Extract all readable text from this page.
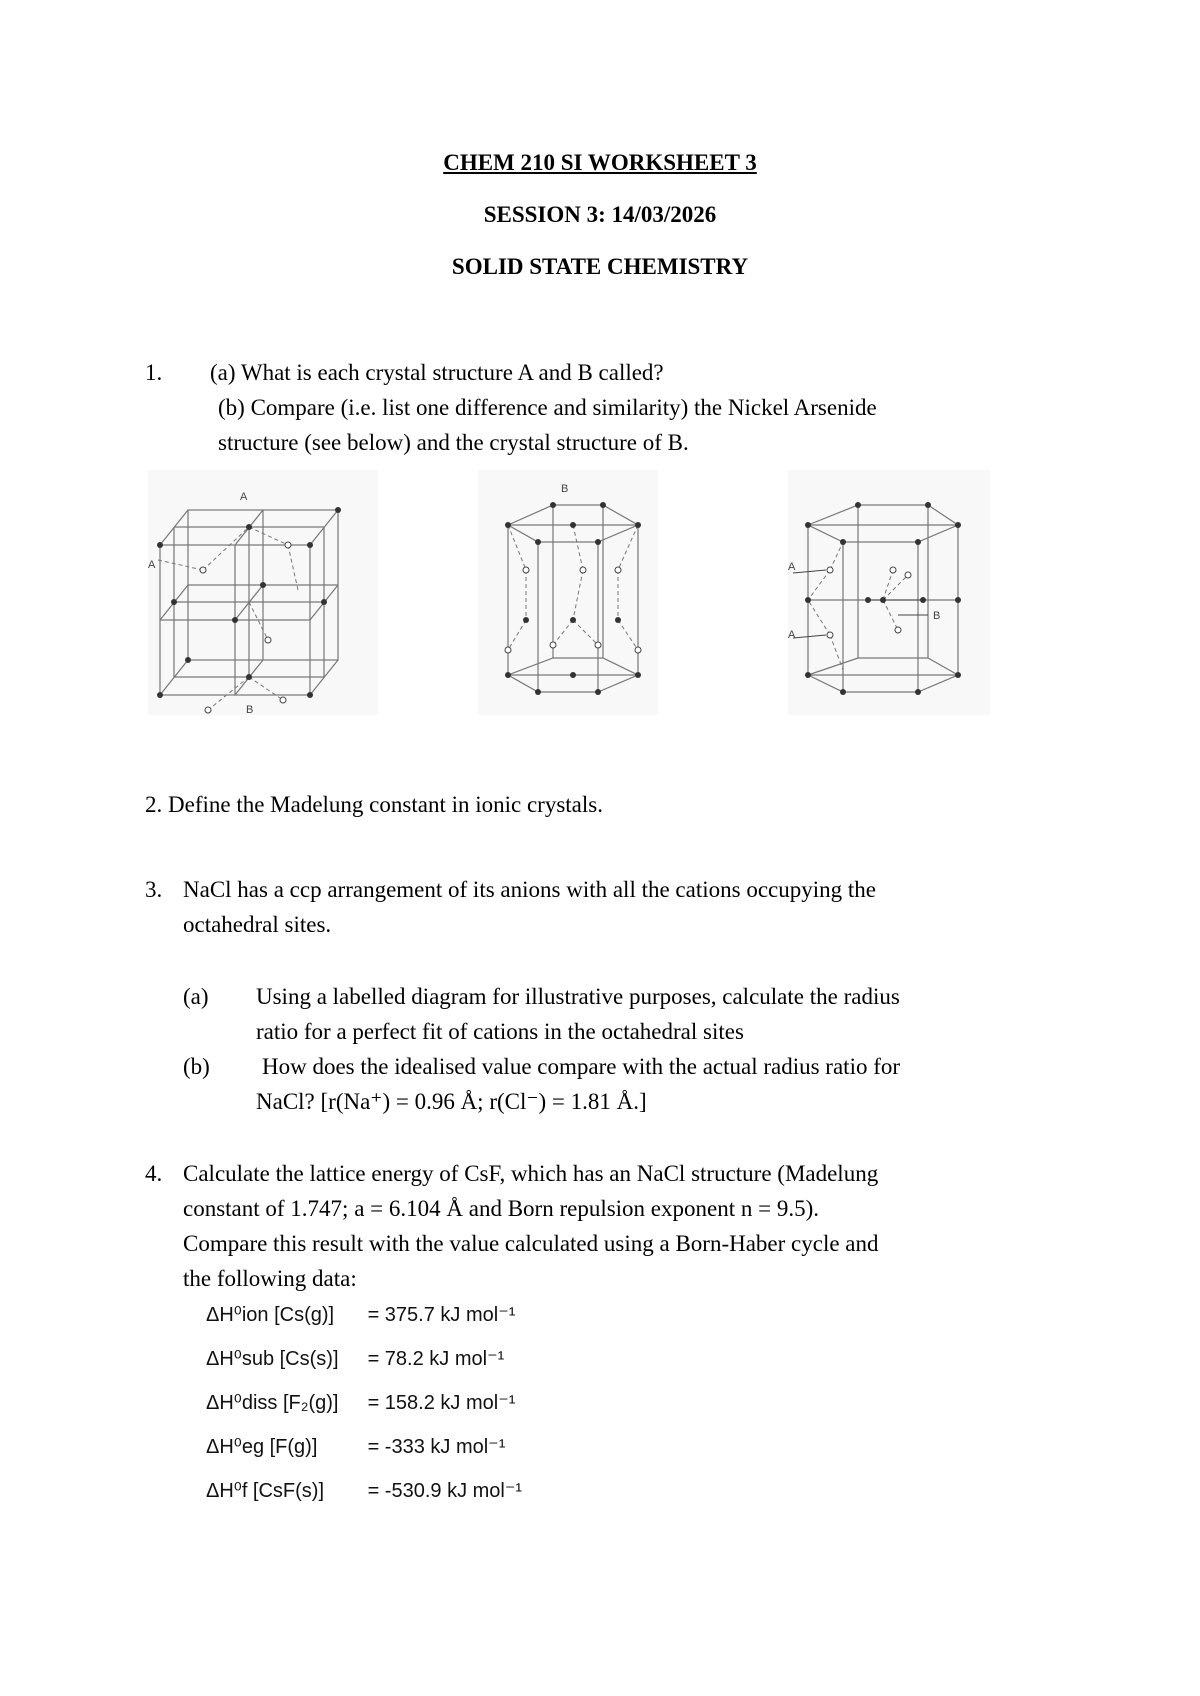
CHEM 210 SI WORKSHEET 3
SESSION 3: 14/03/2026
SOLID STATE CHEMISTRY
1. (a) What is each crystal structure A and B called?
(b) Compare (i.e. list one difference and similarity) the Nickel Arsenide
structure (see below) and the crystal structure of B.
A
A
B
B
A
A
B
2. Define the Madelung constant in ionic crystals.
3. NaCl has a ccp arrangement of its anions with all the cations occupying the
octahedral sites.
(a) Using a labelled diagram for illustrative purposes, calculate the radius
ratio for a perfect fit of cations in the octahedral sites
(b) How does the idealised value compare with the actual radius ratio for
NaCl? [r(Na⁺) = 0.96 Å; r(Cl⁻) = 1.81 Å.]
4. Calculate the lattice energy of CsF, which has an NaCl structure (Madelung
constant of 1.747; a = 6.104 Å and Born repulsion exponent n = 9.5).
Compare this result with the value calculated using a Born-Haber cycle and
the following data:
ΔH⁰ion [Cs(g)] = 375.7 kJ mol⁻¹
ΔH⁰sub [Cs(s)] = 78.2 kJ mol⁻¹
ΔH⁰diss [F₂(g)] = 158.2 kJ mol⁻¹
ΔH⁰eg [F(g)]	= -333 kJ mol⁻¹
ΔH⁰f [CsF(s)] = -530.9 kJ mol⁻¹
